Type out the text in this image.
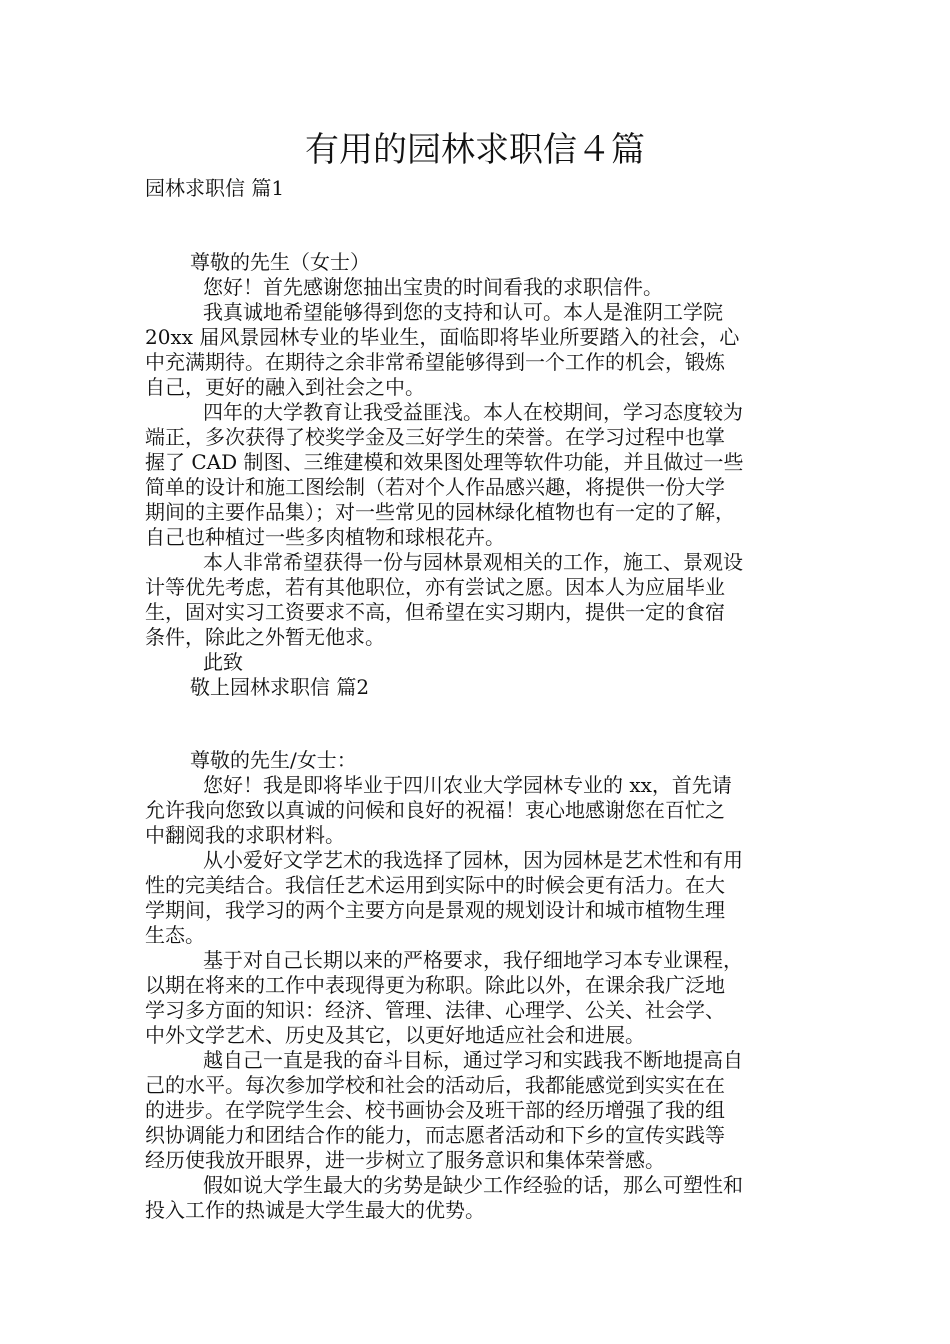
有用的园林求职信４篇
园林求职信 篇1
尊敬的先生（女士）
您好！首先感谢您抽出宝贵的时间看我的求职信件。
我真诚地希望能够得到您的支持和认可。本人是淮阴工学院
20xx 届风景园林专业的毕业生，面临即将毕业所要踏入的社会，心
中充满期待。在期待之余非常希望能够得到一个工作的机会，锻炼
自己，更好的融入到社会之中。
四年的大学教育让我受益匪浅。本人在校期间，学习态度较为
端正，多次获得了校奖学金及三好学生的荣誉。在学习过程中也掌
握了 CAD 制图、三维建模和效果图处理等软件功能，并且做过一些
简单的设计和施工图绘制（若对个人作品感兴趣，将提供一份大学
期间的主要作品集）；对一些常见的园林绿化植物也有一定的了解，
自己也种植过一些多肉植物和球根花卉。
本人非常希望获得一份与园林景观相关的工作，施工、景观设
计等优先考虑，若有其他职位，亦有尝试之愿。因本人为应届毕业
生，固对实习工资要求不高，但希望在实习期内，提供一定的食宿
条件，除此之外暂无他求。
此致
敬上园林求职信 篇2
尊敬的先生/女士：
您好！我是即将毕业于四川农业大学园林专业的 xx，首先请
允许我向您致以真诚的问候和良好的祝福！衷心地感谢您在百忙之
中翻阅我的求职材料。
从小爱好文学艺术的我选择了园林，因为园林是艺术性和有用
性的完美结合。我信任艺术运用到实际中的时候会更有活力。在大
学期间，我学习的两个主要方向是景观的规划设计和城市植物生理
生态。
基于对自己长期以来的严格要求，我仔细地学习本专业课程，
以期在将来的工作中表现得更为称职。除此以外，在课余我广泛地
学习多方面的知识：经济、管理、法律、心理学、公关、社会学、
中外文学艺术、历史及其它，以更好地适应社会和进展。
越自己一直是我的奋斗目标，通过学习和实践我不断地提高自
己的水平。每次参加学校和社会的活动后，我都能感觉到实实在在
的进步。在学院学生会、校书画协会及班干部的经历增强了我的组
织协调能力和团结合作的能力，而志愿者活动和下乡的宣传实践等
经历使我放开眼界，进一步树立了服务意识和集体荣誉感。
假如说大学生最大的劣势是缺少工作经验的话，那么可塑性和
投入工作的热诚是大学生最大的优势。
